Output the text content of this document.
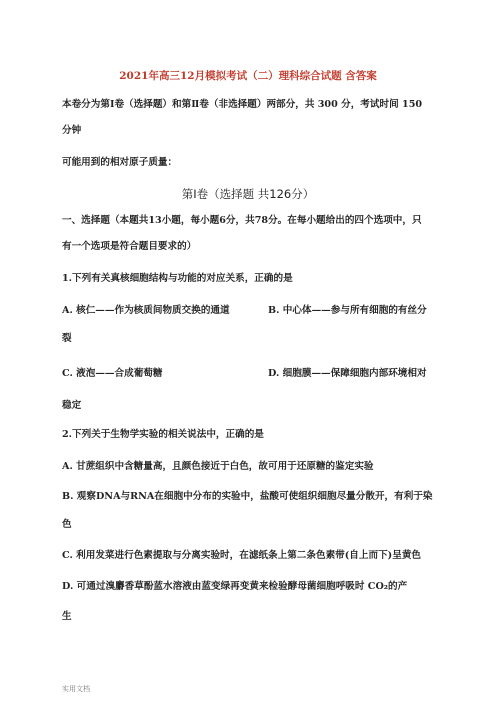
2021年高三12月模拟考试（二）理科综合试题 含答案
本卷分为第Ⅰ卷（选择题）和第Ⅱ卷（非选择题）两部分，共 300 分，考试时间 150
分钟
可能用到的相对原子质量：
第Ⅰ卷（选择题 共126分）
一、选择题（本题共13小题，每小题6分，共78分。在每小题给出的四个选项中，只
有一个选项是符合题目要求的）
1.下列有关真核细胞结构与功能的对应关系，正确的是
A. 核仁——作为核质间物质交换的通道	B. 中心体——参与所有细胞的有丝分
裂
C. 液泡——合成葡萄糖	D. 细胞膜——保障细胞内部环境相对
稳定
2.下列关于生物学实验的相关说法中，正确的是
A. 甘蔗组织中含糖量高，且颜色接近于白色，故可用于还原糖的鉴定实验
B. 观察DNA与RNA在细胞中分布的实验中，盐酸可使组织细胞尽量分散开，有利于染
色
C. 利用发菜进行色素提取与分离实验时，在滤纸条上第二条色素带(自上而下)呈黄色
D. 可通过溴麝香草酚蓝水溶液由蓝变绿再变黄来检验酵母菌细胞呼吸时 CO₂的产
生
实用文档
